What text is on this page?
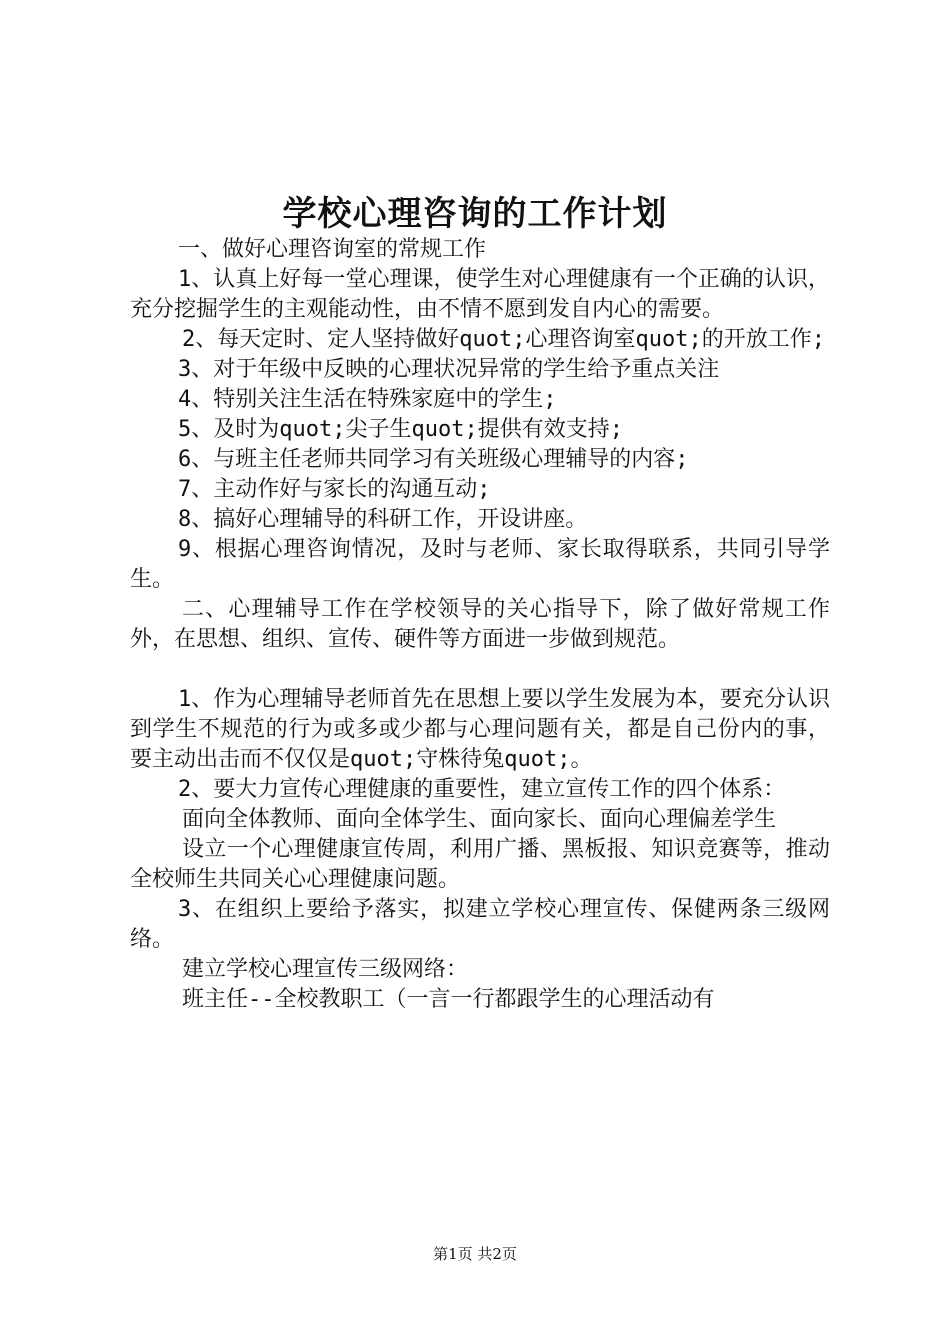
学校心理咨询的工作计划

一、做好心理咨询室的常规工作

1、认真上好每一堂心理课，使学生对心理健康有一个正确的认识，充分挖掘学生的主观能动性，由不情不愿到发自内心的需要。

2、每天定时、定人坚持做好quot;心理咨询室quot;的开放工作;

3、对于年级中反映的心理状况异常的学生给予重点关注

4、特别关注生活在特殊家庭中的学生;

5、及时为quot;尖子生quot;提供有效支持;

6、与班主任老师共同学习有关班级心理辅导的内容;

7、主动作好与家长的沟通互动;

8、搞好心理辅导的科研工作，开设讲座。

9、根据心理咨询情况，及时与老师、家长取得联系，共同引导学生。

二、心理辅导工作在学校领导的关心指导下，除了做好常规工作外，在思想、组织、宣传、硬件等方面进一步做到规范。

1、作为心理辅导老师首先在思想上要以学生发展为本，要充分认识到学生不规范的行为或多或少都与心理问题有关，都是自己份内的事，要主动出击而不仅仅是quot;守株待兔quot;。

2、要大力宣传心理健康的重要性，建立宣传工作的四个体系：

面向全体教师、面向全体学生、面向家长、面向心理偏差学生

设立一个心理健康宣传周，利用广播、黑板报、知识竞赛等，推动全校师生共同关心心理健康问题。

3、在组织上要给予落实，拟建立学校心理宣传、保健两条三级网络。

建立学校心理宣传三级网络：

班主任--全校教职工（一言一行都跟学生的心理活动有

第1页 共2页
